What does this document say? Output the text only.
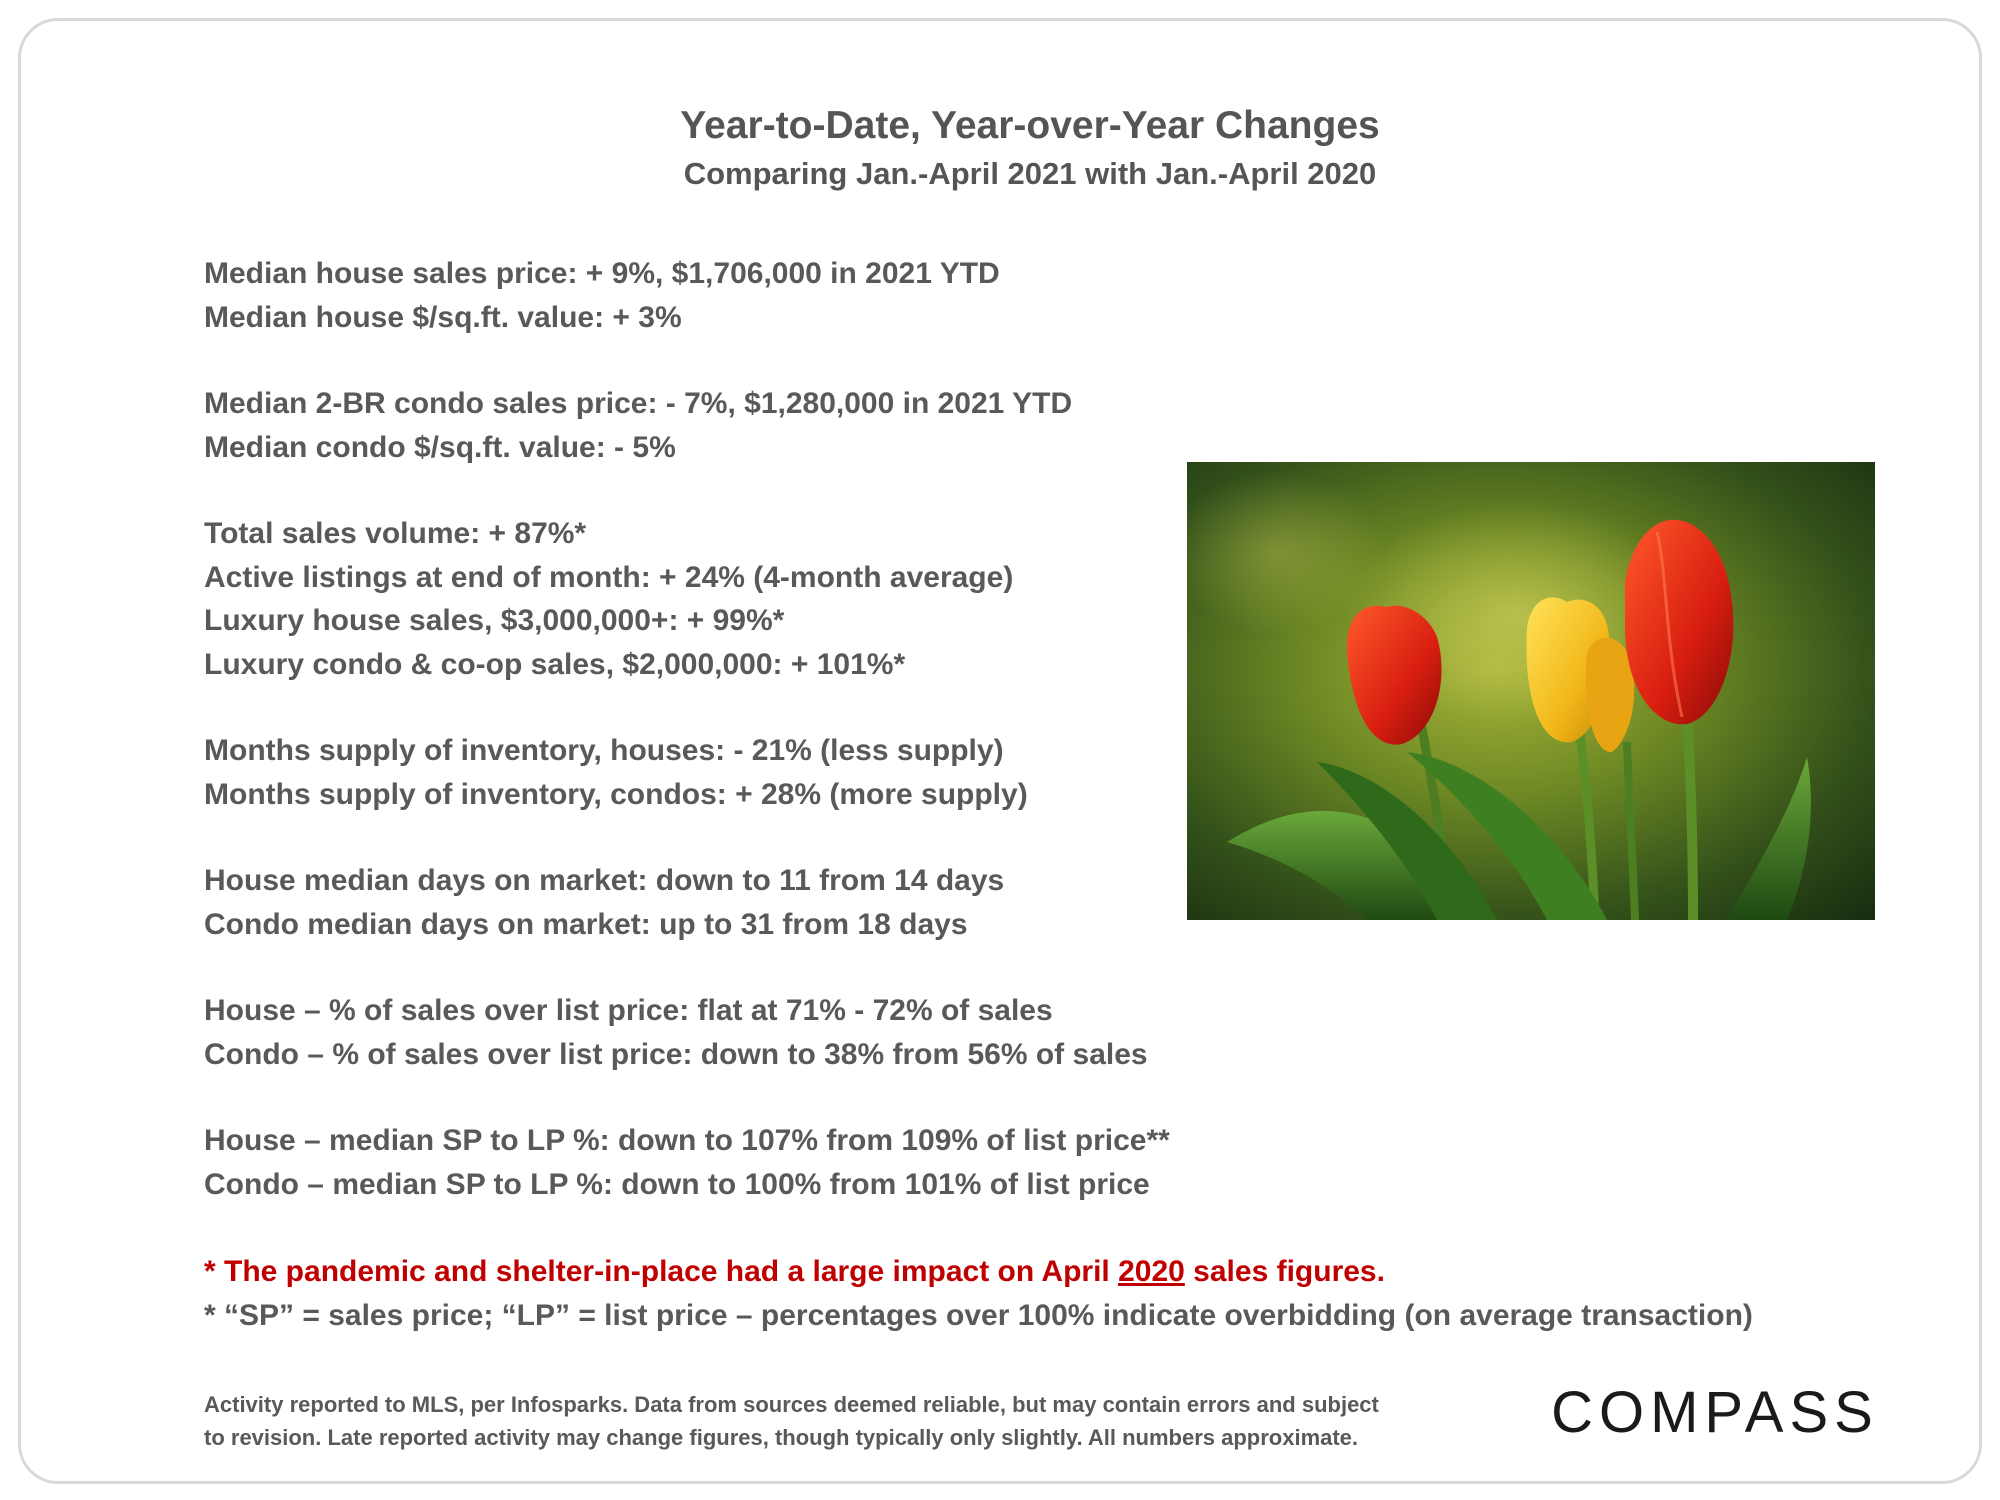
Year-to-Date, Year-over-Year Changes
Comparing Jan.-April 2021 with Jan.-April 2020
Median house sales price: + 9%, $1,706,000 in 2021 YTD
Median house $/sq.ft. value: + 3%
Median 2-BR condo sales price: - 7%, $1,280,000 in 2021 YTD
Median condo $/sq.ft. value: - 5%
Total sales volume: + 87%*
Active listings at end of month: + 24% (4-month average)
Luxury house sales, $3,000,000+: + 99%*
Luxury condo & co-op sales, $2,000,000: + 101%*
Months supply of inventory, houses: - 21% (less supply)
Months supply of inventory, condos: + 28% (more supply)
House median days on market: down to 11 from 14 days
Condo median days on market: up to 31 from 18 days
House – % of sales over list price: flat at 71% - 72% of sales
Condo – % of sales over list price: down to 38% from 56% of sales
House – median SP to LP %: down to 107% from 109% of list price**
Condo – median SP to LP %: down to 100% from 101% of list price
* The pandemic and shelter-in-place had a large impact on April 2020 sales figures.
* “SP” = sales price; “LP” = list price – percentages over 100% indicate overbidding (on average transaction)
Activity reported to MLS, per Infosparks. Data from sources deemed reliable, but may contain errors and subject
to revision. Late reported activity may change figures, though typically only slightly. All numbers approximate.	COMPASS
